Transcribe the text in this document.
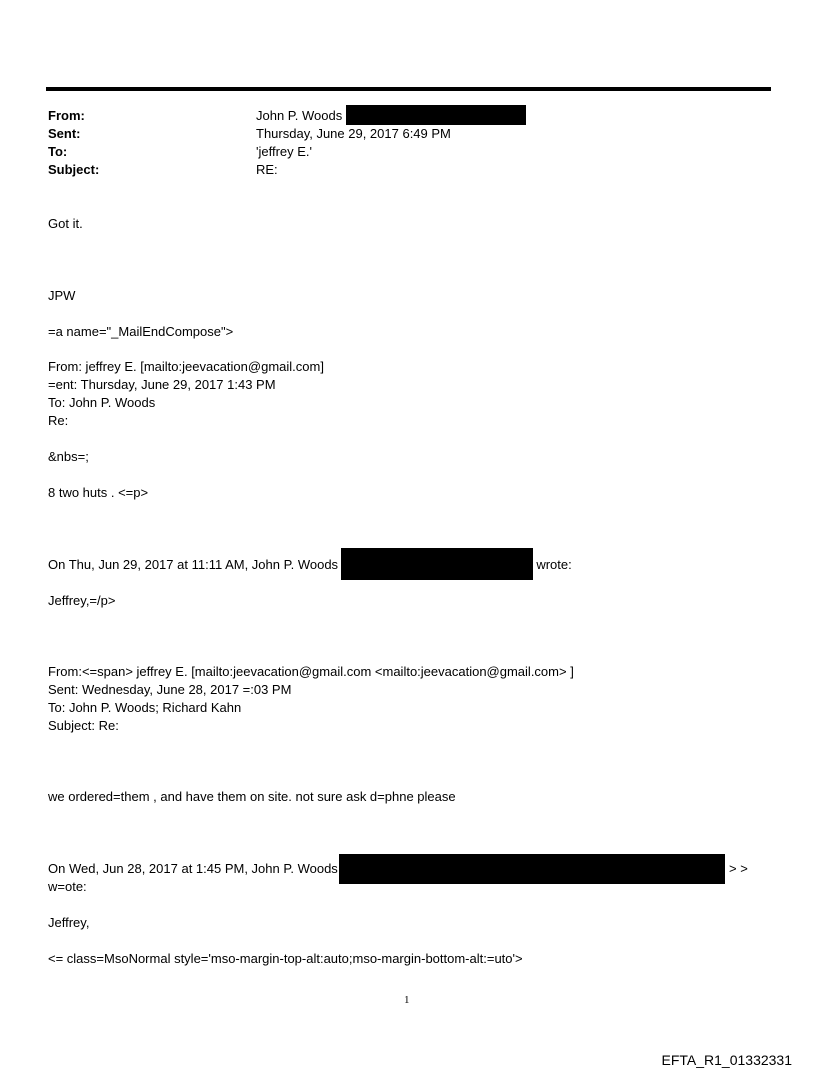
From:	John P. Woods
Sent:	Thursday, June 29, 2017 6:49 PM
To:	'jeffrey E.'
Subject:	RE:
Got it.
JPW
=a name="_MailEndCompose">
From: jeffrey E. [mailto:jeevacation@gmail.com]
=ent: Thursday, June 29, 2017 1:43 PM
To: John P. Woods
Re:
&nbs=;
8 two huts . <=p>
On Thu, Jun 29, 2017 at 11:11 AM, John P. Woods	wrote:
Jeffrey,=/p>
From:<=span> jeffrey E. [mailto:jeevacation@gmail.com <mailto:jeevacation@gmail.com> ]
Sent: Wednesday, June 28, 2017 =:03 PM
To: John P. Woods; Richard Kahn
Subject: Re:
we ordered=them , and have them on site. not sure ask d=phne please
On Wed, Jun 28, 2017 at 1:45 PM, John P. Woods	> >
w=ote:
Jeffrey,
<= class=MsoNormal style='mso-margin-top-alt:auto;mso-margin-bottom-alt:=uto'>
1
EFTA_R1_01332331
